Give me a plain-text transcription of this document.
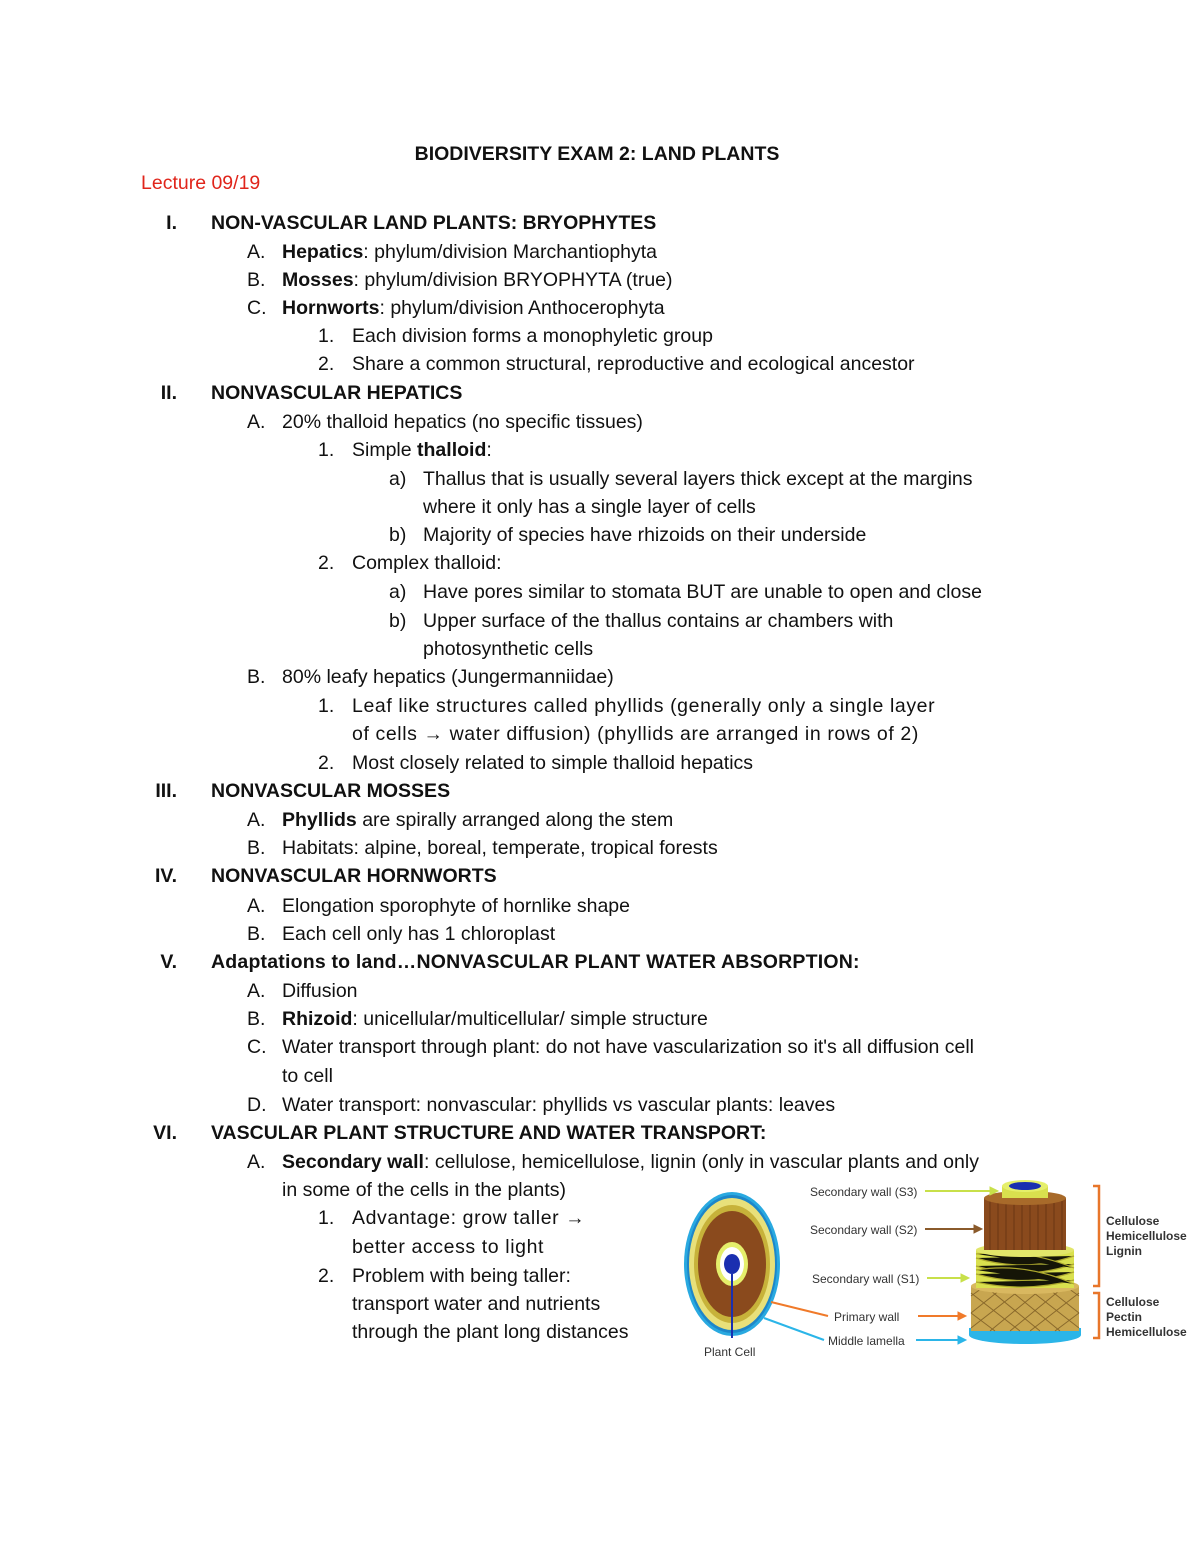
BIODIVERSITY EXAM 2: LAND PLANTS
Lecture 09/19
I. NON-VASCULAR LAND PLANTS: BRYOPHYTES
A. Hepatics: phylum/division Marchantiophyta
B. Mosses: phylum/division BRYOPHYTA (true)
C. Hornworts: phylum/division Anthocerophyta
1. Each division forms a monophyletic group
2. Share a common structural, reproductive and ecological ancestor
II. NONVASCULAR HEPATICS
A. 20% thalloid hepatics (no specific tissues)
1. Simple thalloid:
a) Thallus that is usually several layers thick except at the margins
where it only has a single layer of cells
b) Majority of species have rhizoids on their underside
2. Complex thalloid:
a) Have pores similar to stomata BUT are unable to open and close
b) Upper surface of the thallus contains ar chambers with
photosynthetic cells
B. 80% leafy hepatics (Jungermanniidae)
1. Leaf like structures called phyllids (generally only a single layer
of cells → water diffusion) (phyllids are arranged in rows of 2)
2. Most closely related to simple thalloid hepatics
III. NONVASCULAR MOSSES
A. Phyllids are spirally arranged along the stem
B. Habitats: alpine, boreal, temperate, tropical forests
IV. NONVASCULAR HORNWORTS
A. Elongation sporophyte of hornlike shape
B. Each cell only has 1 chloroplast
V. Adaptations to land…NONVASCULAR PLANT WATER ABSORPTION:
A. Diffusion
B. Rhizoid: unicellular/multicellular/ simple structure
C. Water transport through plant: do not have vascularization so it's all diffusion cell
to cell
D. Water transport: nonvascular: phyllids vs vascular plants: leaves
VI. VASCULAR PLANT STRUCTURE AND WATER TRANSPORT:
A. Secondary wall: cellulose, hemicellulose, lignin (only in vascular plants and only
in some of the cells in the plants)
1. Advantage: grow taller →
better access to light
2. Problem with being taller:
transport water and nutrients
through the plant long distances
Secondary wall (S3)
Secondary wall (S2)
Secondary wall (S1)
Primary wall
Middle lamella
Plant Cell
Cellulose
Hemicellulose
Lignin
Cellulose
Pectin
Hemicellulose
